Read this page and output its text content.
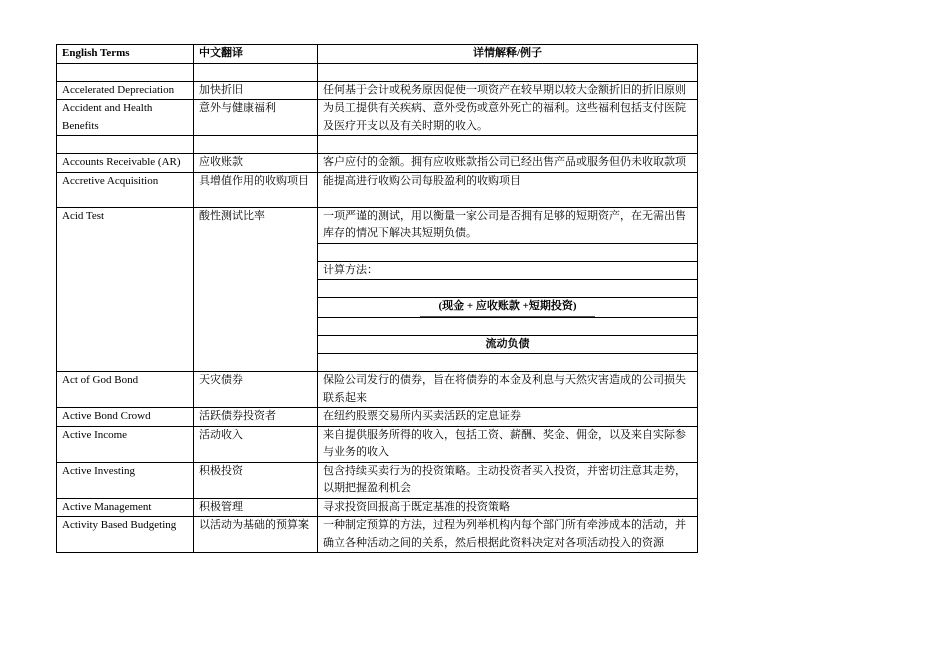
English Terms	中文翻译	详情解释/例子

Accelerated Depreciation	加快折旧	任何基于会计或税务原因促使一项资产在较早期以较大金额折旧的折旧原则
Accident and Health Benefits	意外与健康福利	为员工提供有关疾病、意外受伤或意外死亡的福利。这些福利包括支付医院及医疗开支以及有关时期的收入。

Accounts Receivable (AR)	应收账款	客户应付的金额。拥有应收账款指公司已经出售产品或服务但仍未收取款项
Accretive Acquisition	具增值作用的收购项目	能提高进行收购公司每股盈利的收购项目
Acid Test	酸性测试比率	一项严谨的测试，用以衡量一家公司是否拥有足够的短期资产，在无需出售库存的情况下解决其短期负债。

		计算方法：

		(现金 + 应收账款 +短期投资)

		流动负债

Act of God Bond	天灾债券	保险公司发行的债券，旨在将债券的本金及利息与天然灾害造成的公司损失联系起来
Active Bond Crowd	活跃债券投资者	在纽约股票交易所内买卖活跃的定息证券
Active Income	活动收入	来自提供服务所得的收入，包括工资、薪酬、奖金、佣金，以及来自实际参与业务的收入
Active Investing	积极投资	包含持续买卖行为的投资策略。主动投资者买入投资，并密切注意其走势，以期把握盈利机会
Active Management	积极管理	寻求投资回报高于既定基准的投资策略
Activity Based Budgeting	以活动为基础的预算案	一种制定预算的方法，过程为列举机构内每个部门所有牵涉成本的活动，并确立各种活动之间的关系，然后根据此资料决定对各项活动投入的资源
